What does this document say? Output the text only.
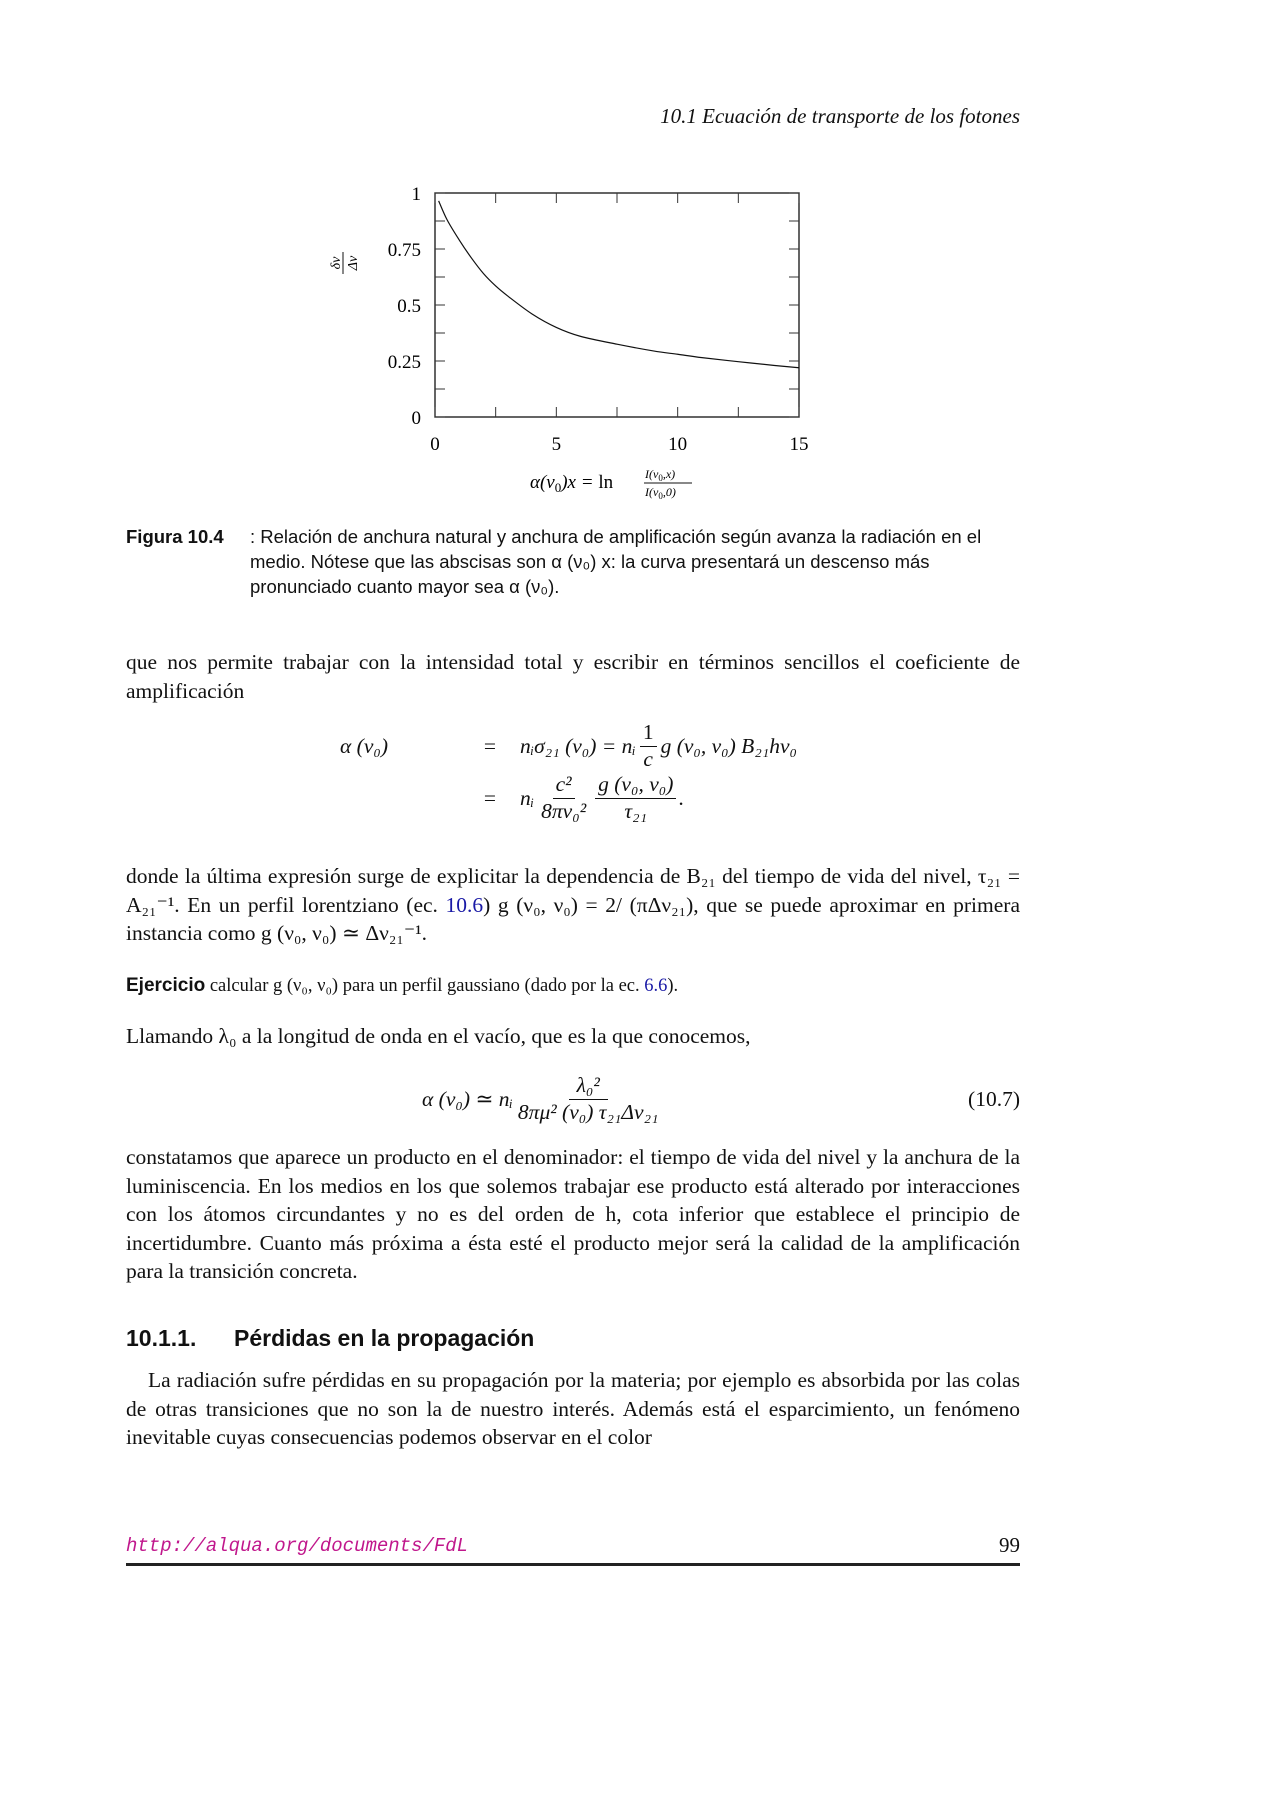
10.1 Ecuación de transporte de los fotones
0	5	10	15
0
0.25
0.5
0.75
1
δν Δν
$\alpha(\nu_0)x = \ln$	$I(\nu_0,x)$
$I(\nu_0,0)$
Figura 10.4 : Relación de anchura natural y anchura de amplificación según avanza la radiación en el medio. Nótese que las abscisas son α (ν₀) x: la curva presentará un descenso más pronunciado cuanto mayor sea α (ν₀).
que nos permite trabajar con la intensidad total y escribir en términos sencillos el coeficiente de amplificación
α (ν₀)	=	nᵢσ₂₁ (ν₀) = nᵢ $\frac{1}{c}$ g (ν₀, ν₀) B₂₁hν₀
=	nᵢ $\frac{\text{c²}}{\text{8πν₀²}} \frac{\text{g (ν₀, ν₀)}}{\text{τ₂₁}}$ .
donde la última expresión surge de explicitar la dependencia de B₂₁ del tiempo de vida del nivel, τ₂₁ = A₂₁⁻¹. En un perfil lorentziano (ec. 10.6) g (ν₀, ν₀) = 2/ (πΔν₂₁), que se puede aproximar en primera instancia como g (ν₀, ν₀) ≃ Δν₂₁⁻¹.
Ejercicio calcular g (ν₀, ν₀) para un perfil gaussiano (dado por la ec. 6.6).
Llamando λ₀ a la longitud de onda en el vacío, que es la que conocemos,
α (ν₀) ≃ nᵢ $\frac{\text{λ₀²}}{\text{8πμ² (ν₀) τ₂₁Δν₂₁}}$	(10.7)
constatamos que aparece un producto en el denominador: el tiempo de vida del nivel y la anchura de la luminiscencia. En los medios en los que solemos trabajar ese producto está alterado por interacciones con los átomos circundantes y no es del orden de h, cota inferior que establece el principio de incertidumbre. Cuanto más próxima a ésta esté el producto mejor será la calidad de la amplificación para la transición concreta.
10.1.1. Pérdidas en la propagación
La radiación sufre pérdidas en su propagación por la materia; por ejemplo es absorbida por las colas de otras transiciones que no son la de nuestro interés. Además está el esparcimiento, un fenómeno inevitable cuyas consecuencias podemos observar en el color
http://alqua.org/documents/FdL	99
